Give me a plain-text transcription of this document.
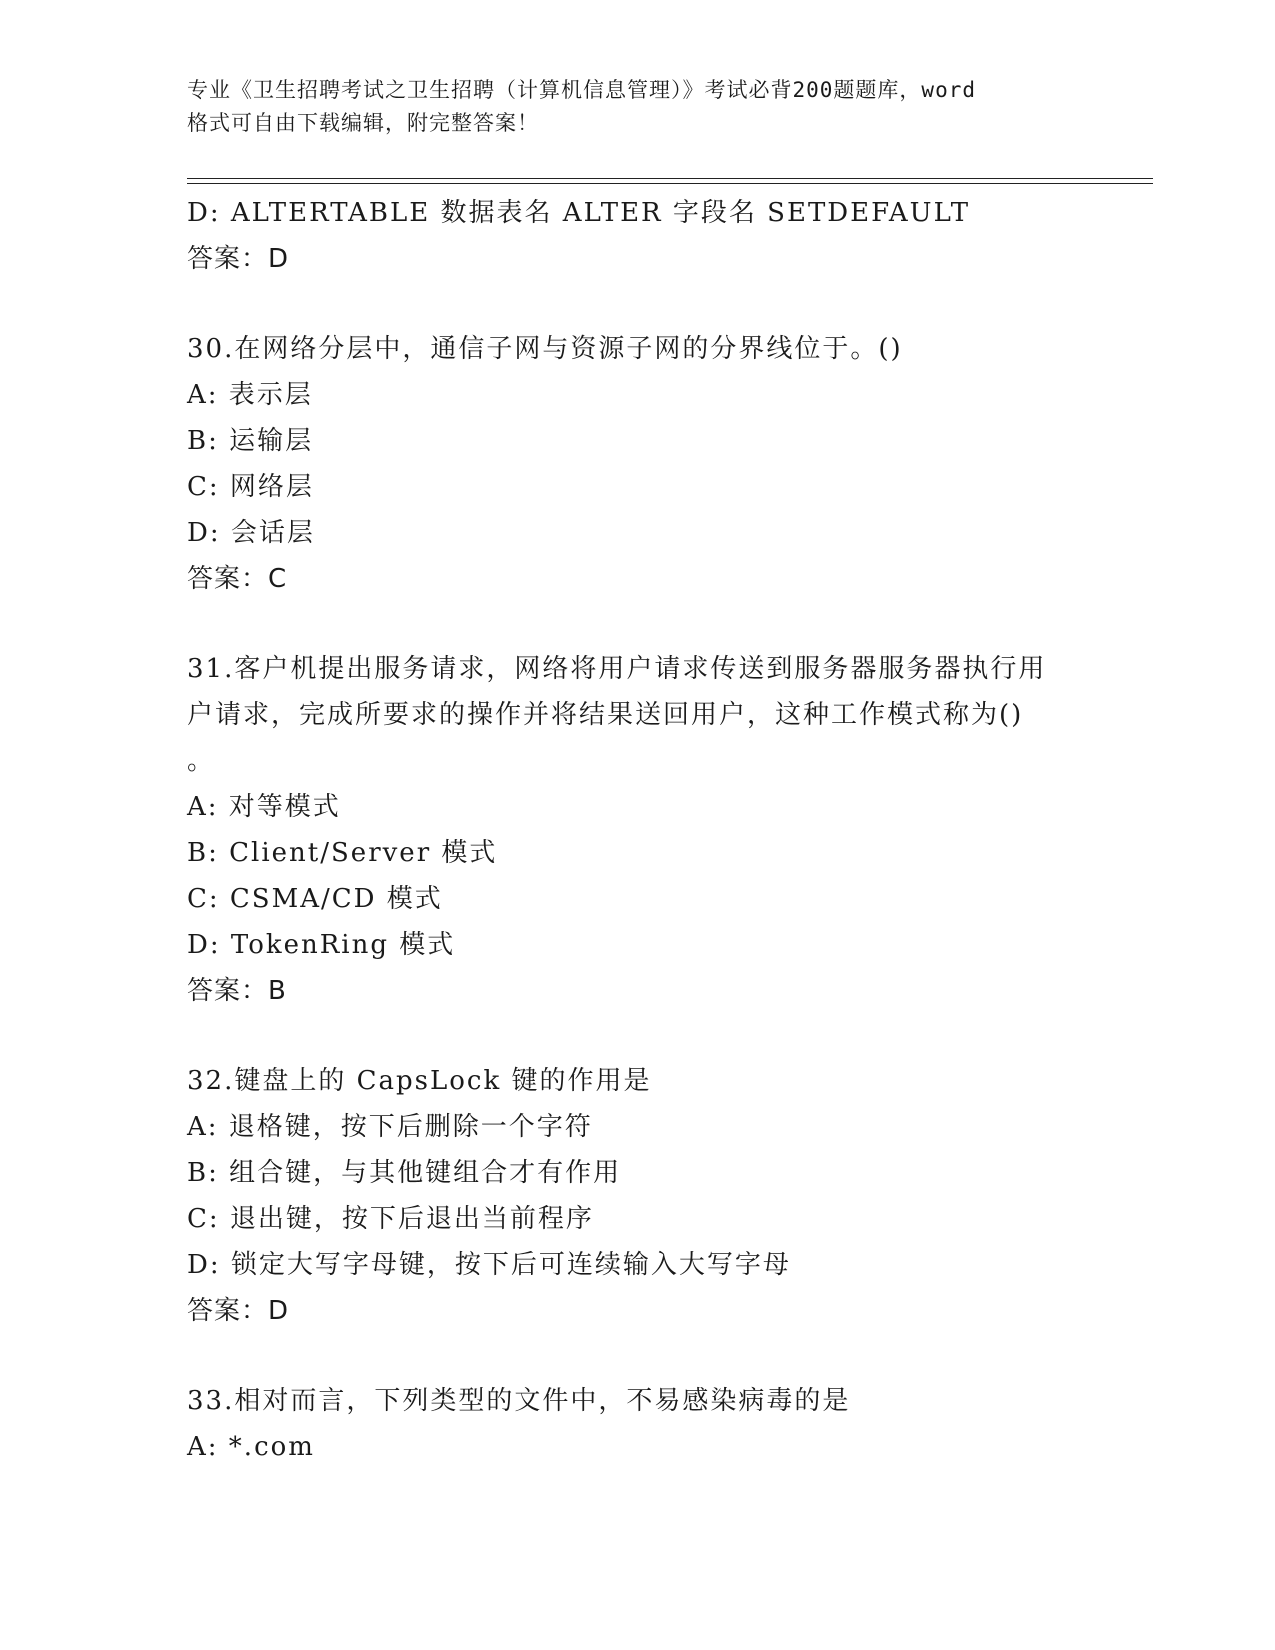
专业《卫生招聘考试之卫生招聘（计算机信息管理）》考试必背200题题库，word
格式可自由下载编辑，附完整答案！
D: ALTERTABLE 数据表名 ALTER 字段名 SETDEFAULT
答案：D
30.在网络分层中，通信子网与资源子网的分界线位于。()
A: 表示层
B: 运输层
C: 网络层
D: 会话层
答案：C
31.客户机提出服务请求，网络将用户请求传送到服务器服务器执行用
户请求，完成所要求的操作并将结果送回用户，这种工作模式称为()
。
A: 对等模式
B: Client/Server 模式
C: CSMA/CD 模式
D: TokenRing 模式
答案：B
32.键盘上的 CapsLock 键的作用是
A: 退格键，按下后删除一个字符
B: 组合键，与其他键组合才有作用
C: 退出键，按下后退出当前程序
D: 锁定大写字母键，按下后可连续输入大写字母
答案：D
33.相对而言，下列类型的文件中，不易感染病毒的是
A: *.com
